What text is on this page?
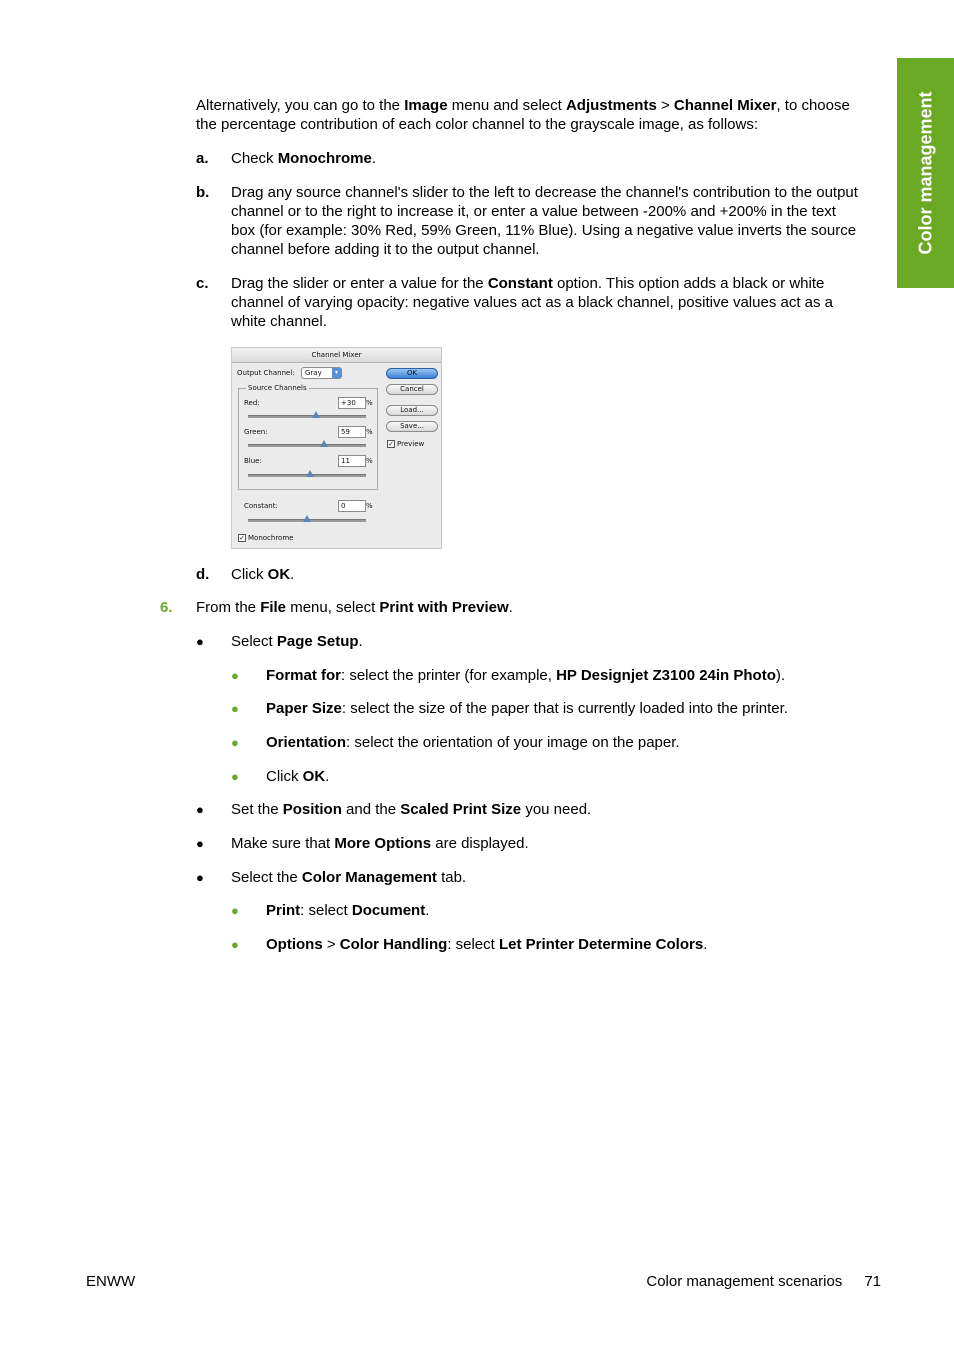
Color management
Alternatively, you can go to the Image menu and select Adjustments > Channel Mixer, to choose
the percentage contribution of each color channel to the grayscale image, as follows:
a. Check Monochrome.
b. Drag any source channel's slider to the left to decrease the channel's contribution to the output
channel or to the right to increase it, or enter a value between -200% and +200% in the text
box (for example: 30% Red, 59% Green, 11% Blue). Using a negative value inverts the source
channel before adding it to the output channel.
c. Drag the slider or enter a value for the Constant option. This option adds a black or white
channel of varying opacity: negative values act as a black channel, positive values act as a
white channel.
Channel Mixer
Output Channel:	Gray	▾
Source Channels
Red:	+30	%
Green:	59	%
Blue:	11	%
OK
Cancel
Load...
Save...
✓ Preview
Constant:	0	%
✓ Monochrome
d. Click OK.
6. From the File menu, select Print with Preview.
● Select Page Setup.
● Format for: select the printer (for example, HP Designjet Z3100 24in Photo).
● Paper Size: select the size of the paper that is currently loaded into the printer.
● Orientation: select the orientation of your image on the paper.
● Click OK.
● Set the Position and the Scaled Print Size you need.
● Make sure that More Options are displayed.
● Select the Color Management tab.
● Print: select Document.
● Options > Color Handling: select Let Printer Determine Colors.
ENWW	Color management scenarios 71
